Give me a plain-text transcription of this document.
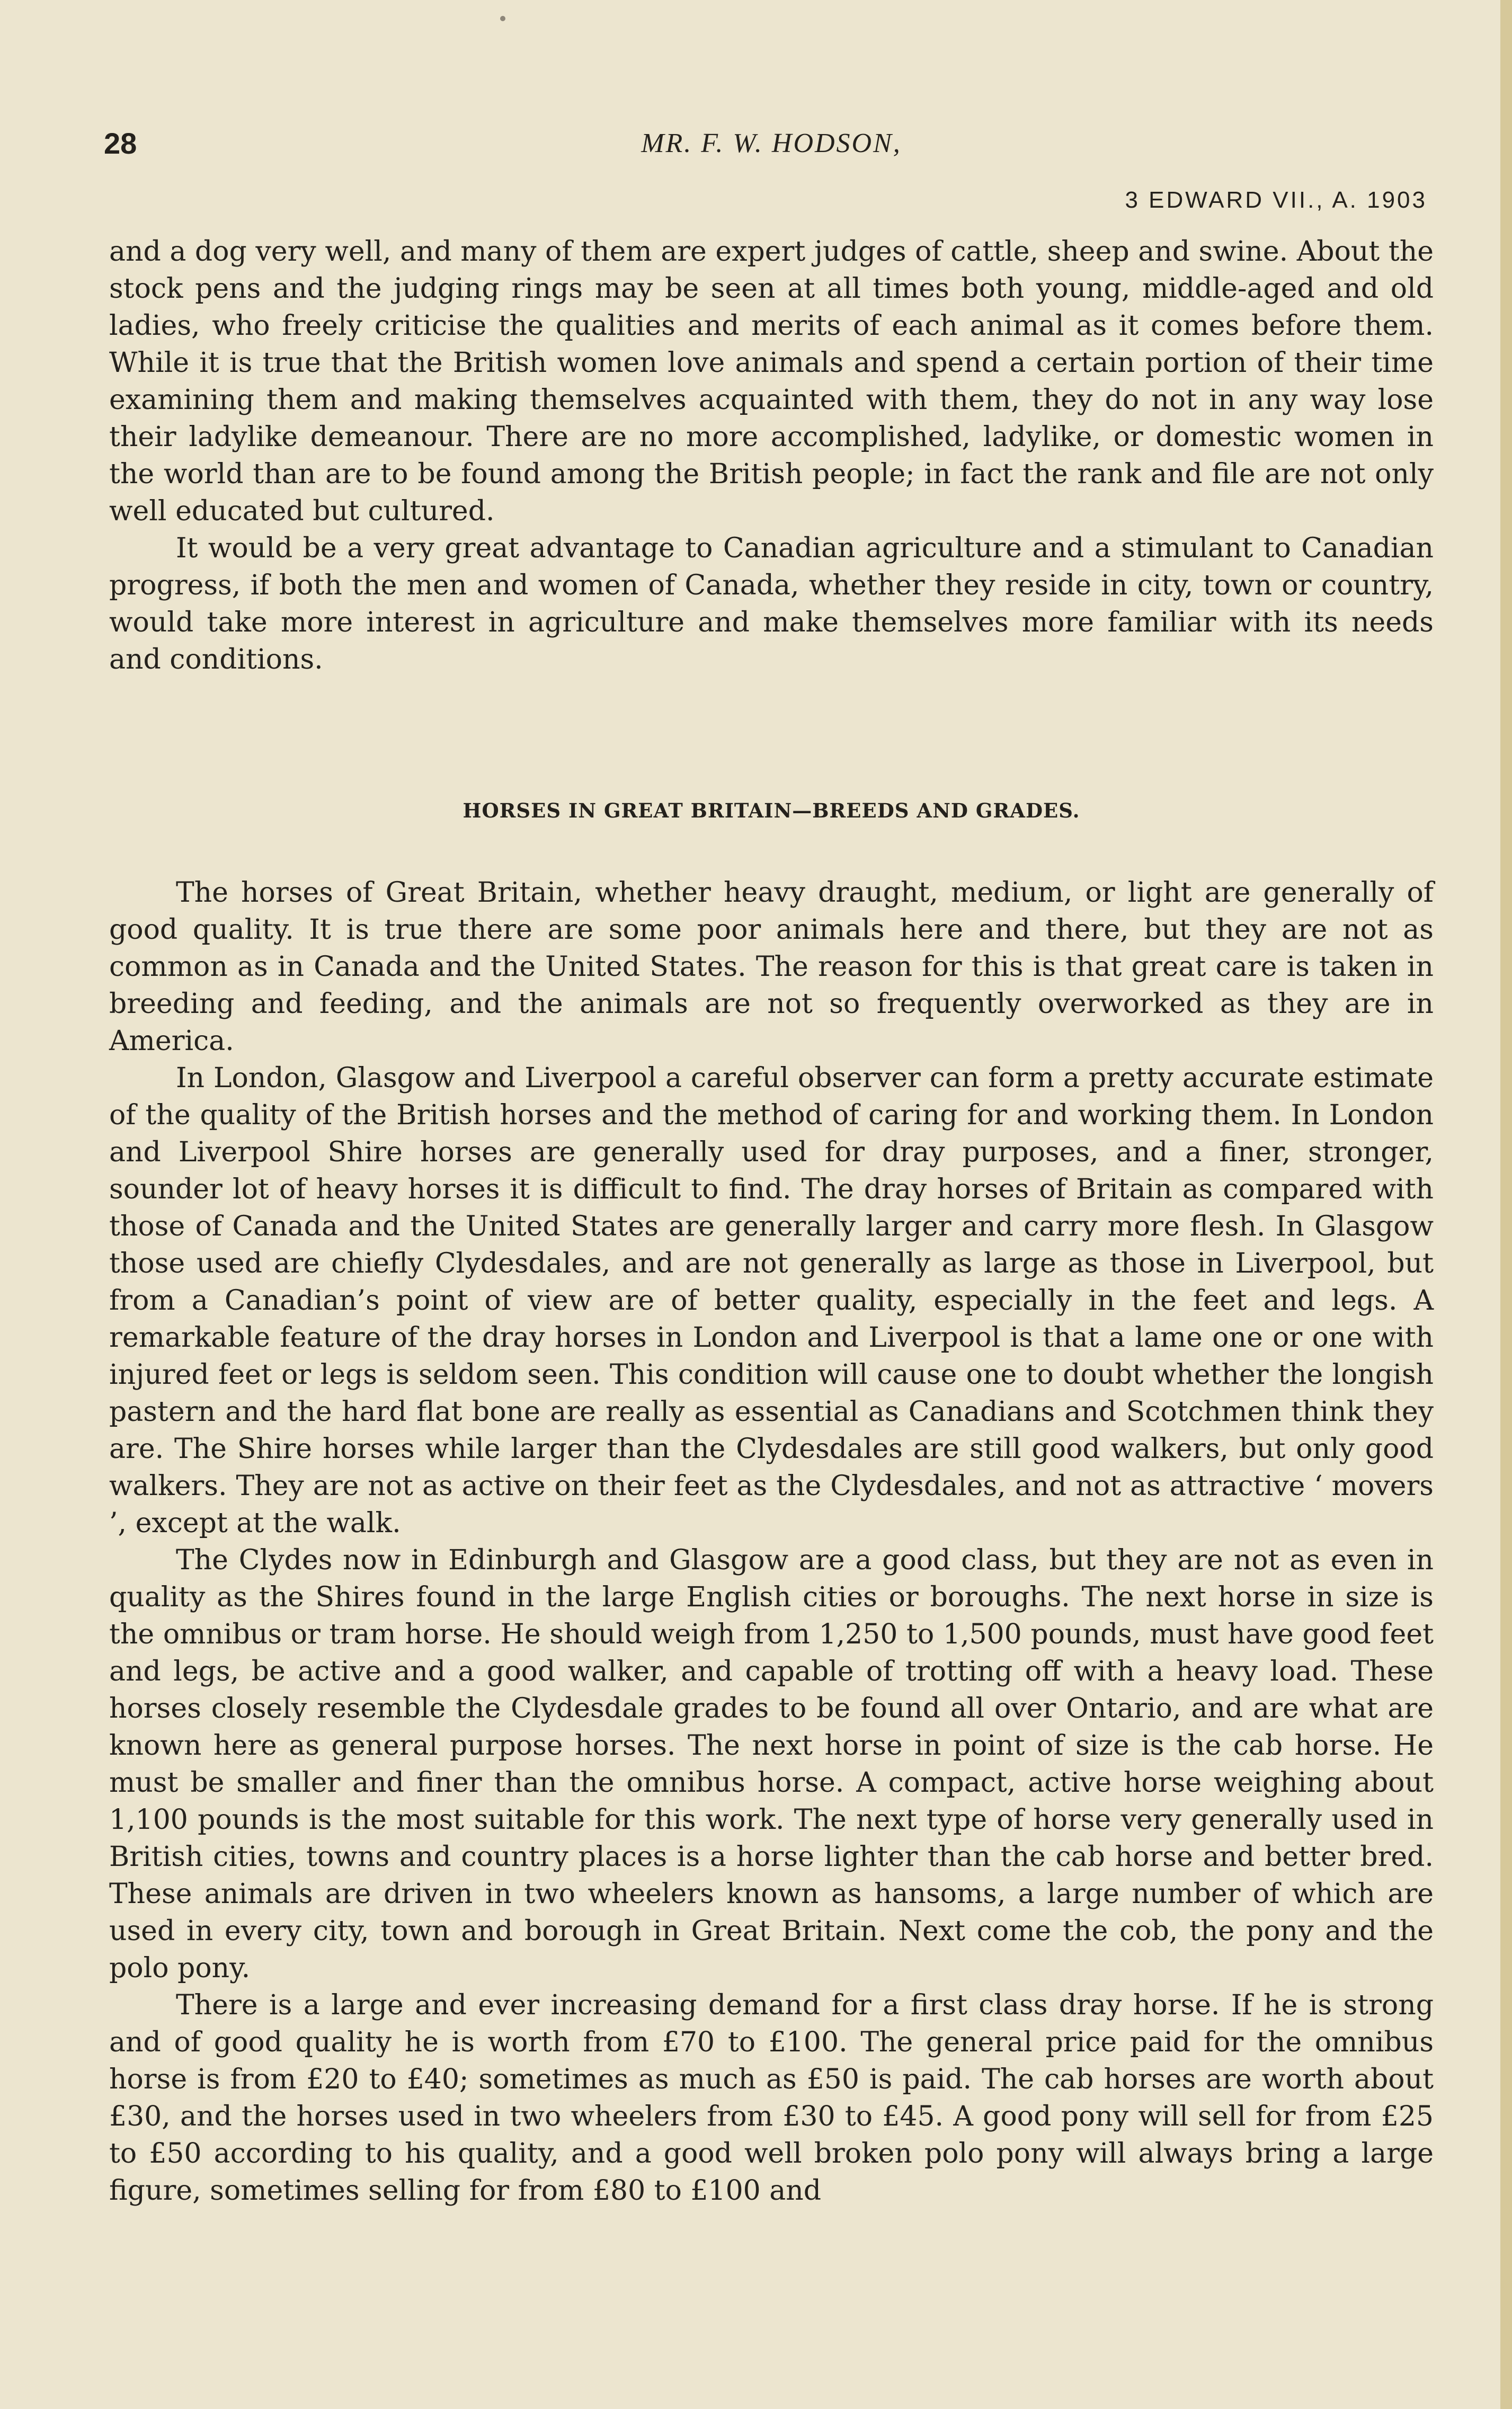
28	MR. F. W. HODSON,
3 EDWARD VII., A. 1903

and a dog very well, and many of them are expert judges of cattle, sheep and swine. About the stock pens and the judging rings may be seen at all times both young, middle-aged and old ladies, who freely criticise the qualities and merits of each animal as it comes before them. While it is true that the British women love animals and spend a certain portion of their time examining them and making themselves acquainted with them, they do not in any way lose their ladylike demeanour. There are no more accomplished, ladylike, or domestic women in the world than are to be found among the British people; in fact the rank and file are not only well educated but cultured.

It would be a very great advantage to Canadian agriculture and a stimulant to Canadian progress, if both the men and women of Canada, whether they reside in city, town or country, would take more interest in agriculture and make themselves more familiar with its needs and conditions.

HORSES IN GREAT BRITAIN—BREEDS AND GRADES.

The horses of Great Britain, whether heavy draught, medium, or light are generally of good quality. It is true there are some poor animals here and there, but they are not as common as in Canada and the United States. The reason for this is that great care is taken in breeding and feeding, and the animals are not so frequently overworked as they are in America.

In London, Glasgow and Liverpool a careful observer can form a pretty accurate estimate of the quality of the British horses and the method of caring for and working them. In London and Liverpool Shire horses are generally used for dray purposes, and a finer, stronger, sounder lot of heavy horses it is difficult to find. The dray horses of Britain as compared with those of Canada and the United States are generally larger and carry more flesh. In Glasgow those used are chiefly Clydesdales, and are not generally as large as those in Liverpool, but from a Canadian’s point of view are of better quality, especially in the feet and legs. A remarkable feature of the dray horses in London and Liverpool is that a lame one or one with injured feet or legs is seldom seen. This condition will cause one to doubt whether the longish pastern and the hard flat bone are really as essential as Canadians and Scotchmen think they are. The Shire horses while larger than the Clydesdales are still good walkers, but only good walkers. They are not as active on their feet as the Clydesdales, and not as attractive ‘ movers ’, except at the walk.

The Clydes now in Edinburgh and Glasgow are a good class, but they are not as even in quality as the Shires found in the large English cities or boroughs. The next horse in size is the omnibus or tram horse. He should weigh from 1,250 to 1,500 pounds, must have good feet and legs, be active and a good walker, and capable of trotting off with a heavy load. These horses closely resemble the Clydesdale grades to be found all over Ontario, and are what are known here as general purpose horses. The next horse in point of size is the cab horse. He must be smaller and finer than the omnibus horse. A compact, active horse weighing about 1,100 pounds is the most suitable for this work. The next type of horse very generally used in British cities, towns and country places is a horse lighter than the cab horse and better bred. These animals are driven in two wheelers known as hansoms, a large number of which are used in every city, town and borough in Great Britain. Next come the cob, the pony and the polo pony.

There is a large and ever increasing demand for a first class dray horse. If he is strong and of good quality he is worth from £70 to £100. The general price paid for the omnibus horse is from £20 to £40; sometimes as much as £50 is paid. The cab horses are worth about £30, and the horses used in two wheelers from £30 to £45. A good pony will sell for from £25 to £50 according to his quality, and a good well broken polo pony will always bring a large figure, sometimes selling for from £80 to £100 and
